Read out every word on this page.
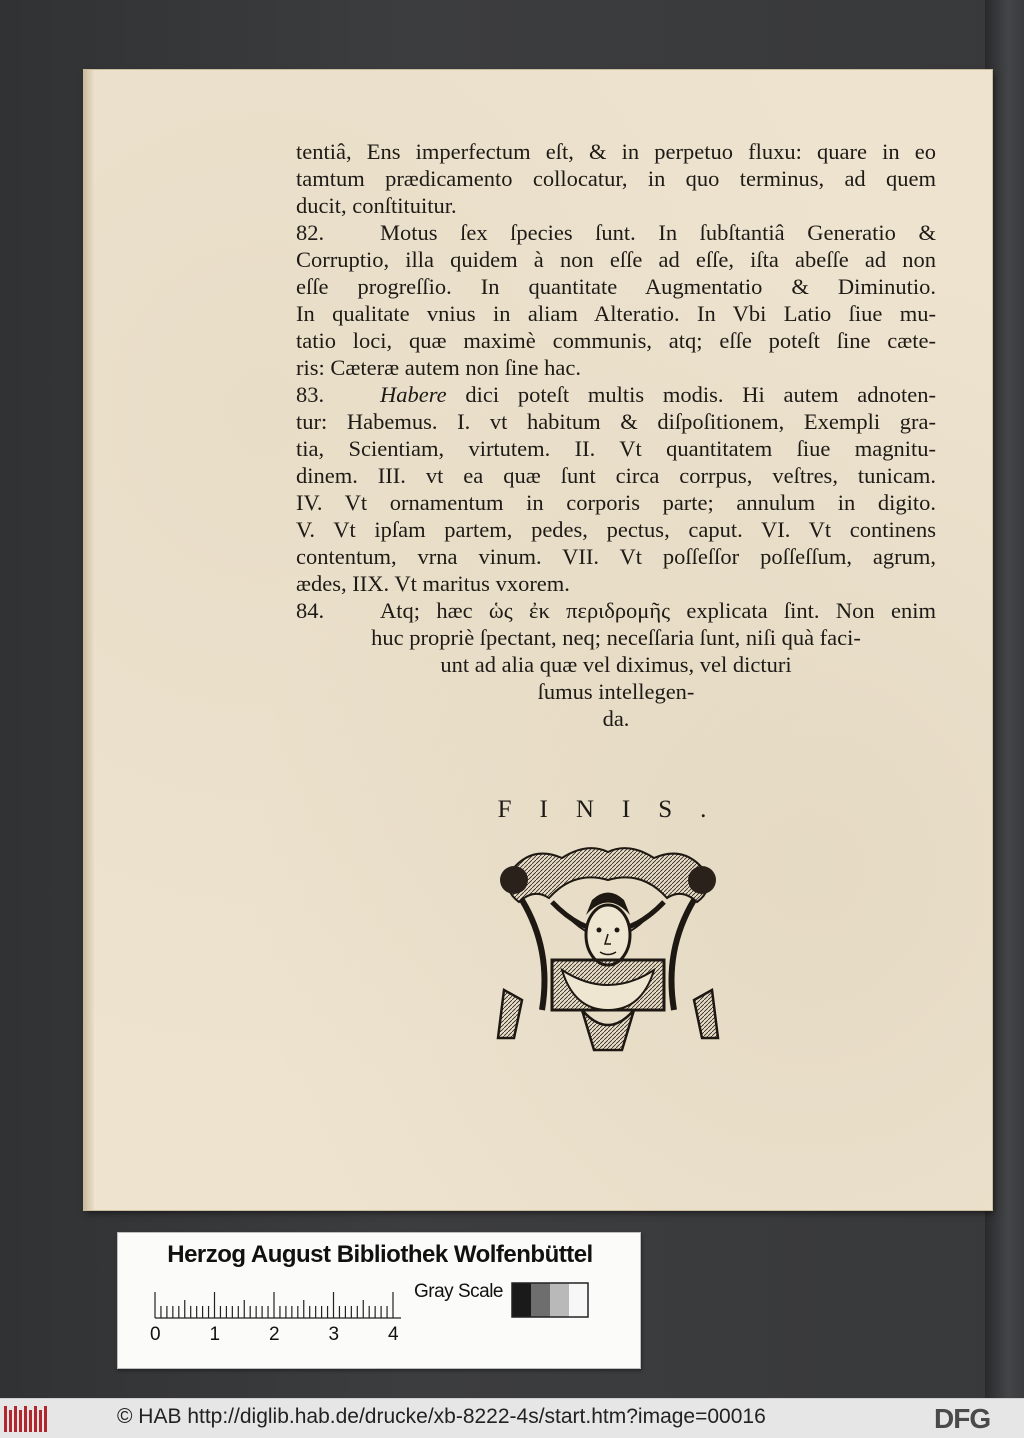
tentiâ, Ens imperfectum eſt, & in perpetuo fluxu: quare in eo
tamtum prædicamento collocatur, in quo terminus, ad quem
ducit, conſtituitur.
82. Motus ſex ſpecies ſunt. In ſubſtantiâ Generatio &
Corruptio, illa quidem à non eſſe ad eſſe, iſta abeſſe ad non
eſſe progreſſio. In quantitate Augmentatio & Diminutio.
In qualitate vnius in aliam Alteratio. In Vbi Latio ſiue mu-
tatio loci, quæ maximè communis, atq; eſſe poteſt ſine cæte-
ris: Cæteræ autem non ſine hac.
83. Habere dici poteſt multis modis. Hi autem adnoten-
tur: Habemus. I. vt habitum & diſpoſitionem, Exempli gra-
tia, Scientiam, virtutem. II. Vt quantitatem ſiue magnitu-
dinem. III. vt ea quæ ſunt circa corrpus, veſtres, tunicam.
IV. Vt ornamentum in corporis parte; annulum in digito.
V. Vt ipſam partem, pedes, pectus, caput. VI. Vt continens
contentum, vrna vinum. VII. Vt poſſeſſor poſſeſſum, agrum,
ædes, IIX. Vt maritus vxorem.
84. Atq; hæc ὡς ἐκ περιδρομῆς explicata ſint. Non enim
huc propriè ſpectant, neq; neceſſaria ſunt, niſi quà faci-
unt ad alia quæ vel diximus, vel dicturi
ſumus intellegen-
da.
FINIS.
Herzog August Bibliothek Wolfenbüttel
Gray Scale
0	1	2	3	4
© HAB http://diglib.hab.de/drucke/xb-8222-4s/start.htm?image=00016	DFG
